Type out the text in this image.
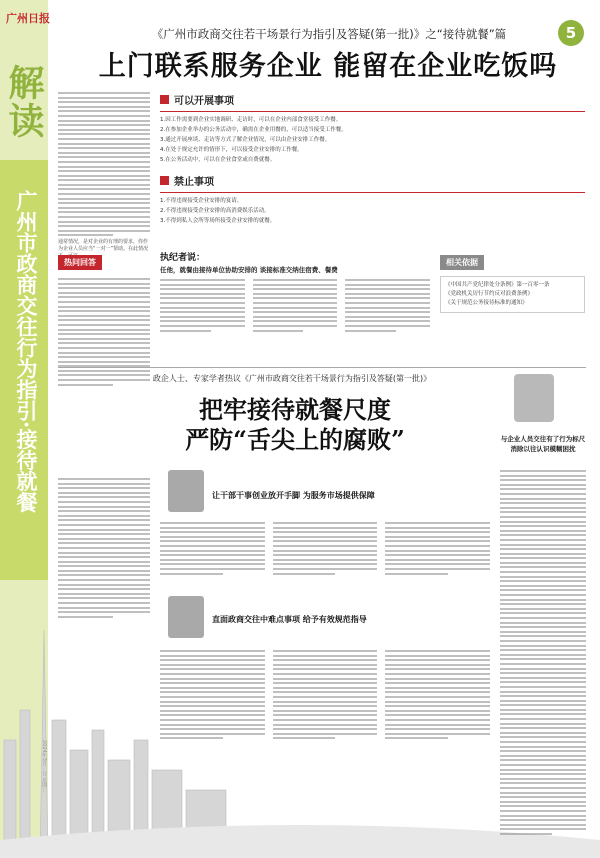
广州日报
解读
广州市政商交往行为指引·接待就餐
5
《广州市政商交往若干场景行为指引及答疑(第一批)》之“接待就餐”篇
上门联系服务企业 能留在企业吃饭吗
通常情况，是对企业的有理的要求，你作为企业人员应当“一对一”帮助。在此情况
可以开展事项
1.因工作需要到企业实地调研、走访时，可以在企业内部食堂接受工作餐。
2.在参加企业举办的公务活动中，确需在企业用餐的，可以适当接受工作餐。
3.通过开展座谈、走访等方式了解企业情况，可以由企业安排工作餐。
4.在处于规定允许的情形下，可以接受企业安排的工作餐。
5.在公务活动中，可以在企业食堂或自费就餐。
禁止事项
1.不得违规接受企业安排的宴请。
2.不得违规接受企业安排的高消费娱乐活动。
3.不得到私人会所等场所接受企业安排的就餐。
热问回答	执纪者说：
任他，就餐由接待单位协助安排的 谈接标准交纳住宿费、餐费
相关依据
《中国共产党纪律处分条例》第一百零一条
《党政机关厉行节约反对浪费条例》
《关于规范公务接待标准的通知》
政企人士、专家学者热议《广州市政商交往若干场景行为指引及答疑(第一批)》
把牢接待就餐尺度
严防“舌尖上的腐败”	与企业人员交往有了行为标尺消除以往认识模糊困扰
让干部干事创业放开手脚 为服务市场提供保障
直面政商交往中难点事项 给予有效规范指导
2024年3月…日 星期…
